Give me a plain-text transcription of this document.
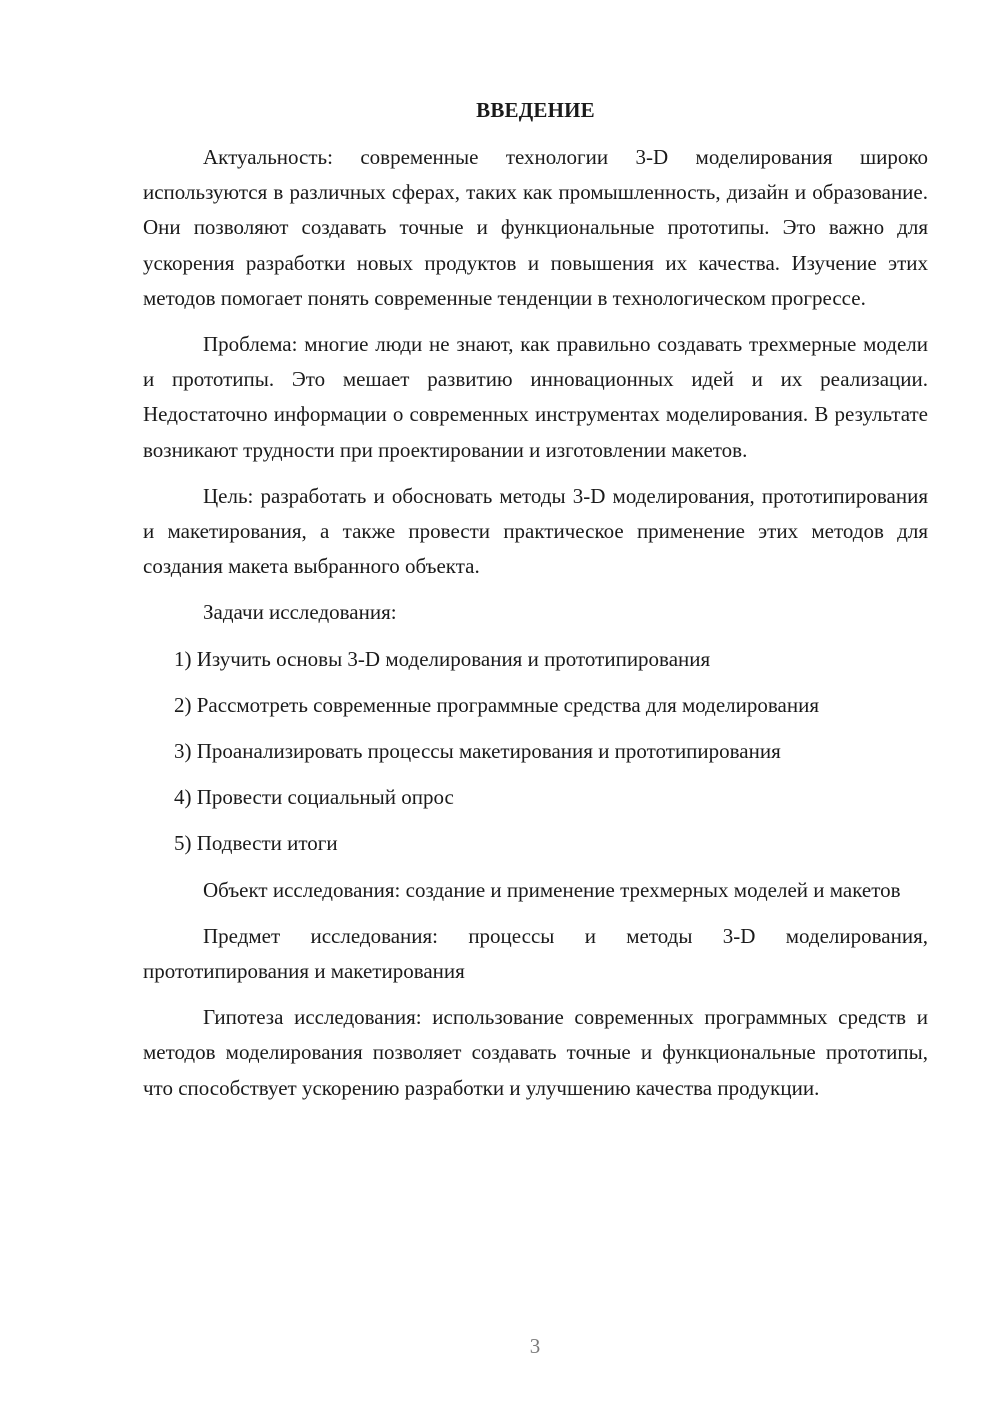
ВВЕДЕНИЕ

Актуальность: современные технологии 3-D моделирования широко используются в различных сферах, таких как промышленность, дизайн и образование. Они позволяют создавать точные и функциональные прототипы. Это важно для ускорения разработки новых продуктов и повышения их качества. Изучение этих методов помогает понять современные тенденции в технологическом прогрессе.

Проблема: многие люди не знают, как правильно создавать трехмерные модели и прототипы. Это мешает развитию инновационных идей и их реализации. Недостаточно информации о современных инструментах моделирования. В результате возникают трудности при проектировании и изготовлении макетов.

Цель: разработать и обосновать методы 3-D моделирования, прототипирования и макетирования, а также провести практическое применение этих методов для создания макета выбранного объекта.

Задачи исследования:

1) Изучить основы 3-D моделирования и прототипирования

2) Рассмотреть современные программные средства для моделирования

3) Проанализировать процессы макетирования и прототипирования

4) Провести социальный опрос

5) Подвести итоги

Объект исследования: создание и применение трехмерных моделей и макетов

Предмет исследования: процессы и методы 3-D моделирования, прототипирования и макетирования

Гипотеза исследования: использование современных программных средств и методов моделирования позволяет создавать точные и функциональные прототипы, что способствует ускорению разработки и улучшению качества продукции.

3
